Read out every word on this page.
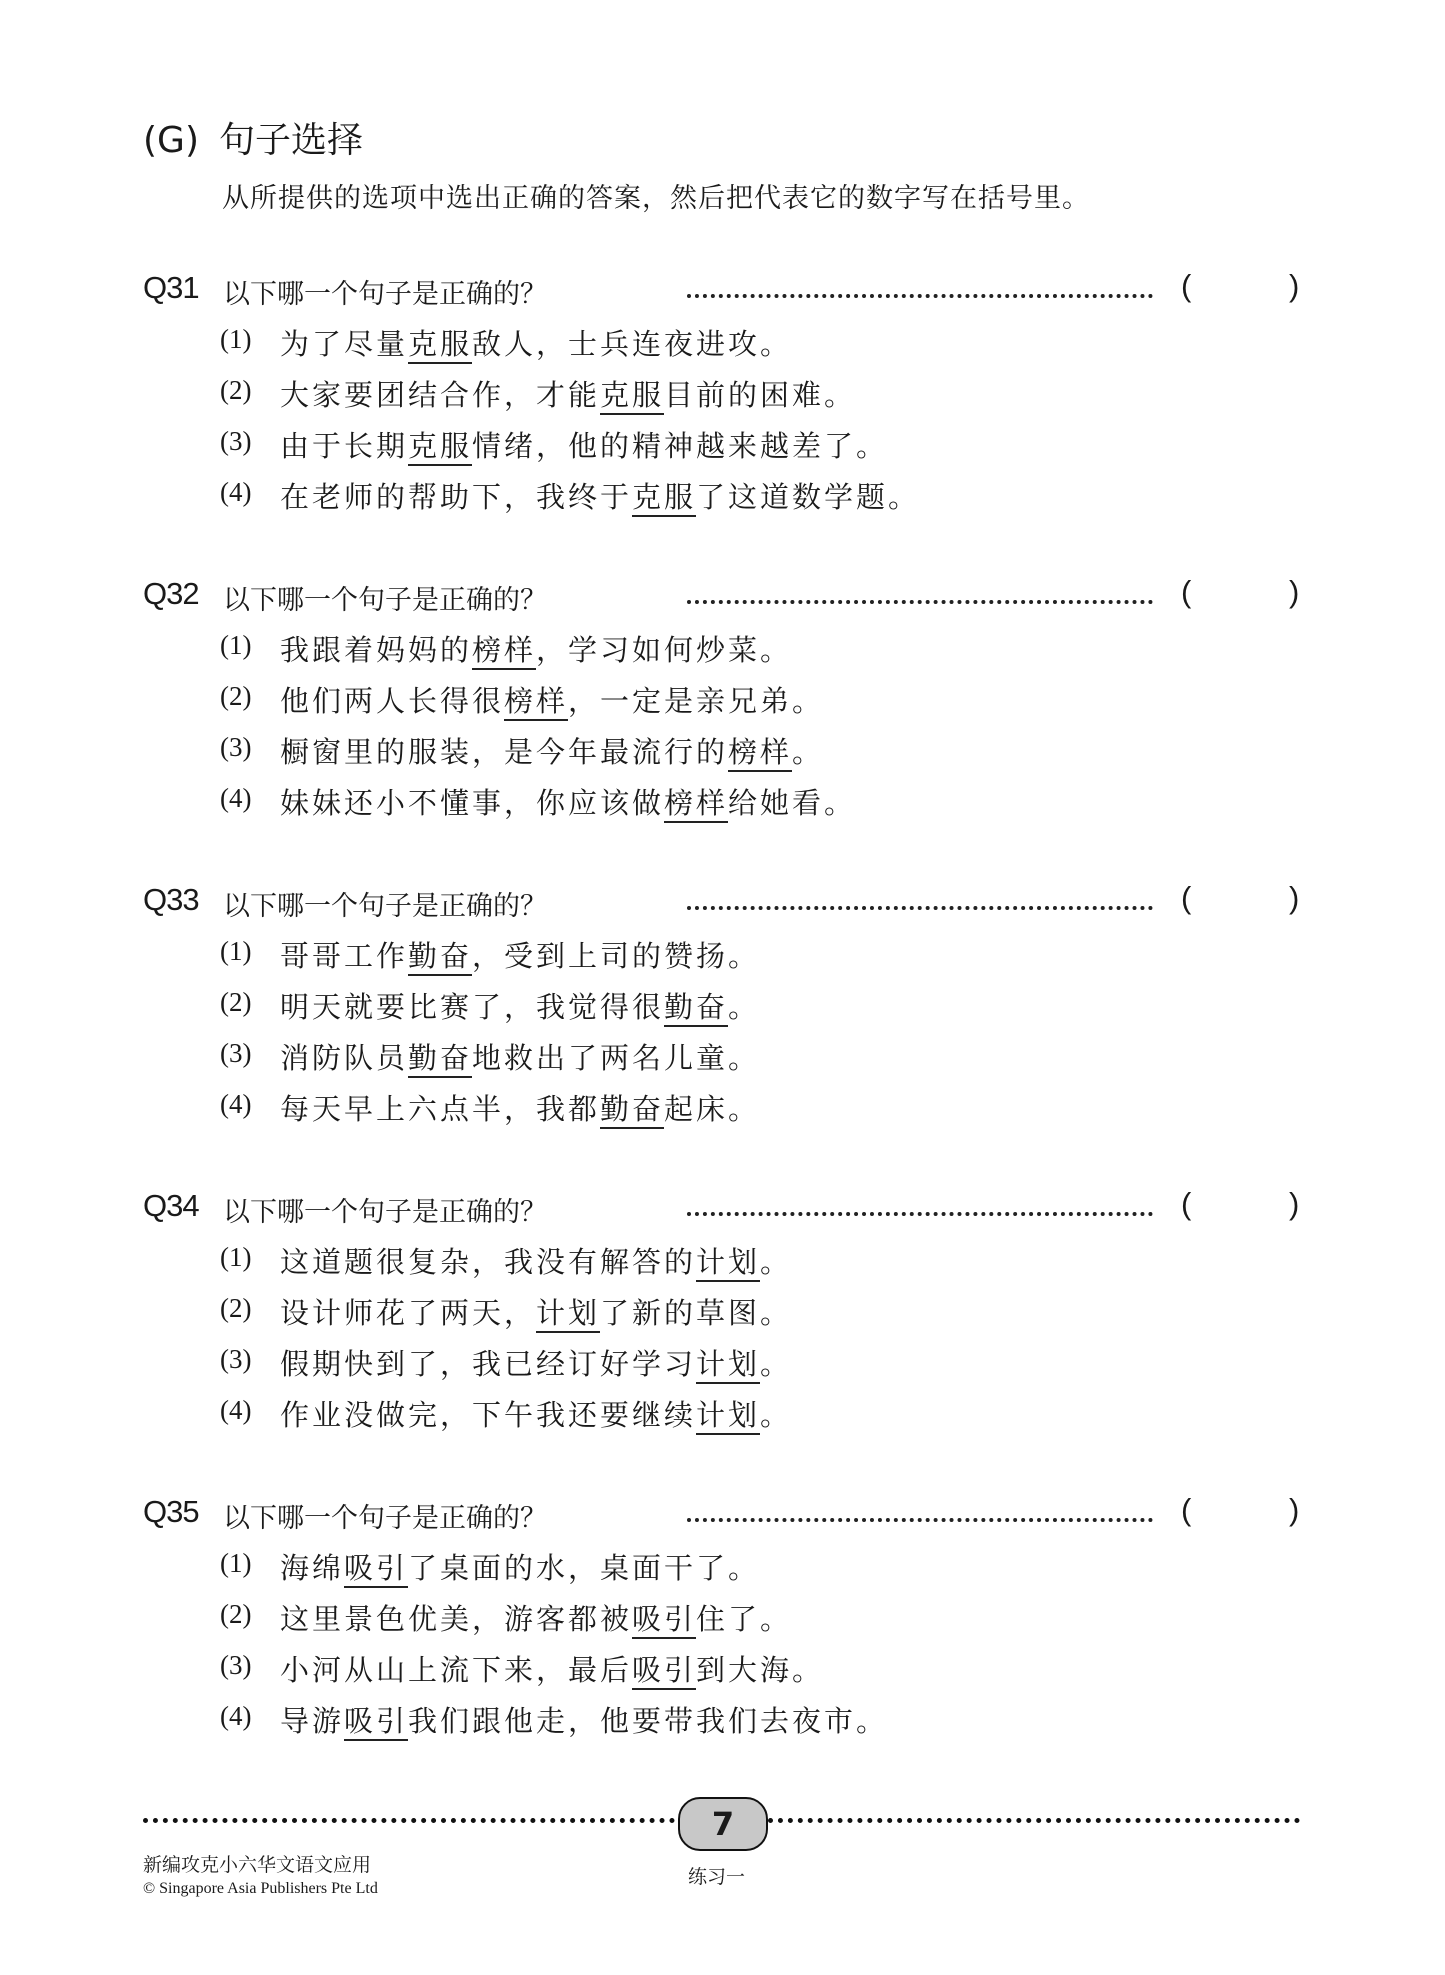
(G) 句子选择
从所提供的选项中选出正确的答案，然后把代表它的数字写在括号里。
Q31 以下哪一个句子是正确的？	(	)
(1) 为了尽量克服敌人，士兵连夜进攻。
(2) 大家要团结合作，才能克服目前的困难。
(3) 由于长期克服情绪，他的精神越来越差了。
(4) 在老师的帮助下，我终于克服了这道数学题。
Q32 以下哪一个句子是正确的？	(	)
(1) 我跟着妈妈的榜样，学习如何炒菜。
(2) 他们两人长得很榜样，一定是亲兄弟。
(3) 橱窗里的服装，是今年最流行的榜样。
(4) 妹妹还小不懂事，你应该做榜样给她看。
Q33 以下哪一个句子是正确的？	(	)
(1) 哥哥工作勤奋，受到上司的赞扬。
(2) 明天就要比赛了，我觉得很勤奋。
(3) 消防队员勤奋地救出了两名儿童。
(4) 每天早上六点半，我都勤奋起床。
Q34 以下哪一个句子是正确的？	(	)
(1) 这道题很复杂，我没有解答的计划。
(2) 设计师花了两天，计划了新的草图。
(3) 假期快到了，我已经订好学习计划。
(4) 作业没做完，下午我还要继续计划。
Q35 以下哪一个句子是正确的？	(	)
(1) 海绵吸引了桌面的水，桌面干了。
(2) 这里景色优美，游客都被吸引住了。
(3) 小河从山上流下来，最后吸引到大海。
(4) 导游吸引我们跟他走，他要带我们去夜市。
7
新编攻克小六华文语文应用
© Singapore Asia Publishers Pte Ltd
练习一
